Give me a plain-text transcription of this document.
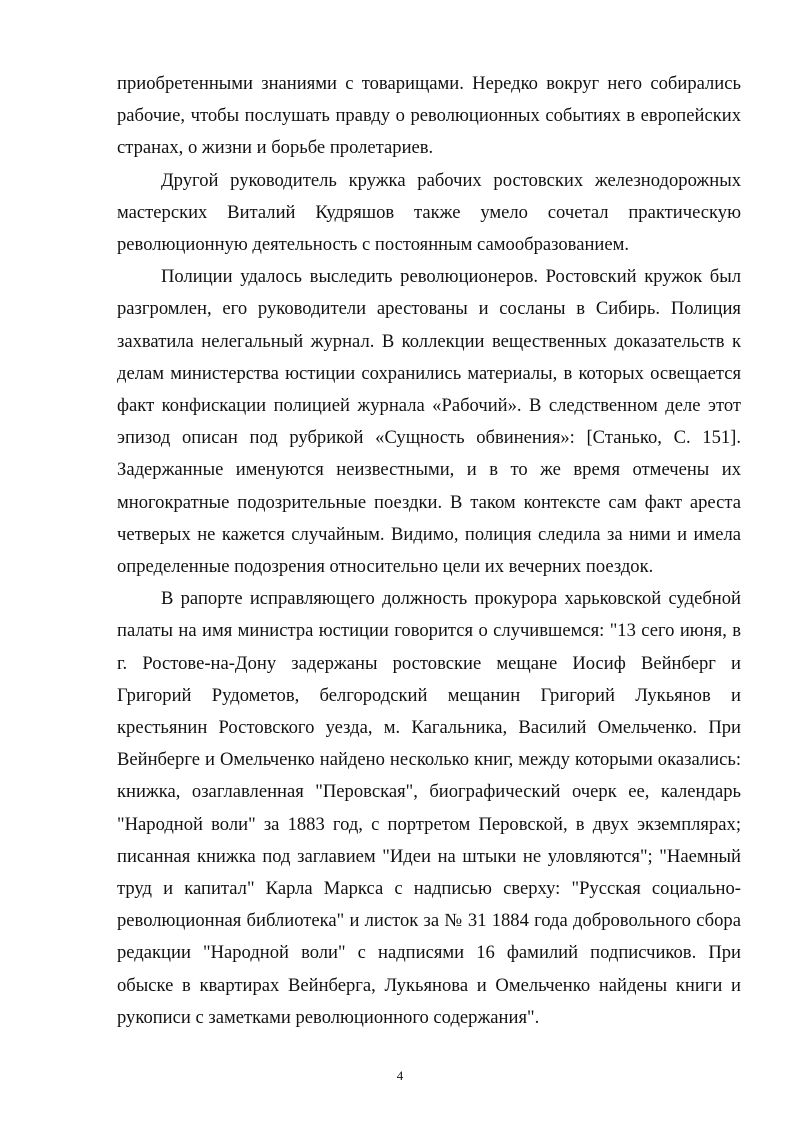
приобретенными знаниями с товарищами. Нередко вокруг него собирались рабочие, чтобы послушать правду о революционных событиях в европейских странах, о жизни и борьбе пролетариев.

Другой руководитель кружка рабочих ростовских железнодорожных мастерских Виталий Кудряшов также умело сочетал практическую революционную деятельность с постоянным самообразованием.

Полиции удалось выследить революционеров. Ростовский кружок был разгромлен, его руководители арестованы и сосланы в Сибирь. Полиция захватила нелегальный журнал. В коллекции вещественных доказательств к делам министерства юстиции сохранились материалы, в которых освещается факт конфискации полицией журнала «Рабочий». В следственном деле этот эпизод описан под рубрикой «Сущность обвинения»: [Станько, С. 151]. Задержанные именуются неизвестными, и в то же время отмечены их многократные подозрительные поездки. В таком контексте сам факт ареста четверых не кажется случайным. Видимо, полиция следила за ними и имела определенные подозрения относительно цели их вечерних поездок.

В рапорте исправляющего должность прокурора харьковской судебной палаты на имя министра юстиции говорится о случившемся: "13 сего июня, в г. Ростове-на-Дону задержаны ростовские мещане Иосиф Вейнберг и Григорий Рудометов, белгородский мещанин Григорий Лукьянов и крестьянин Ростовского уезда, м. Кагальника, Василий Омельченко. При Вейнберге и Омельченко найдено несколько книг, между которыми оказались: книжка, озаглавленная "Перовская", биографический очерк ее, календарь "Народной воли" за 1883 год, с портретом Перовской, в двух экземплярах; писанная книжка под заглавием "Идеи на штыки не уловляются"; "Наемный труд и капитал" Карла Маркса с надписью сверху: "Русская социально-революционная библиотека" и листок за № 31 1884 года добровольного сбора редакции "Народной воли" с надписями 16 фамилий подписчиков. При обыске в квартирах Вейнберга, Лукьянова и Омельченко найдены книги и рукописи с заметками революционного содержания".

4
